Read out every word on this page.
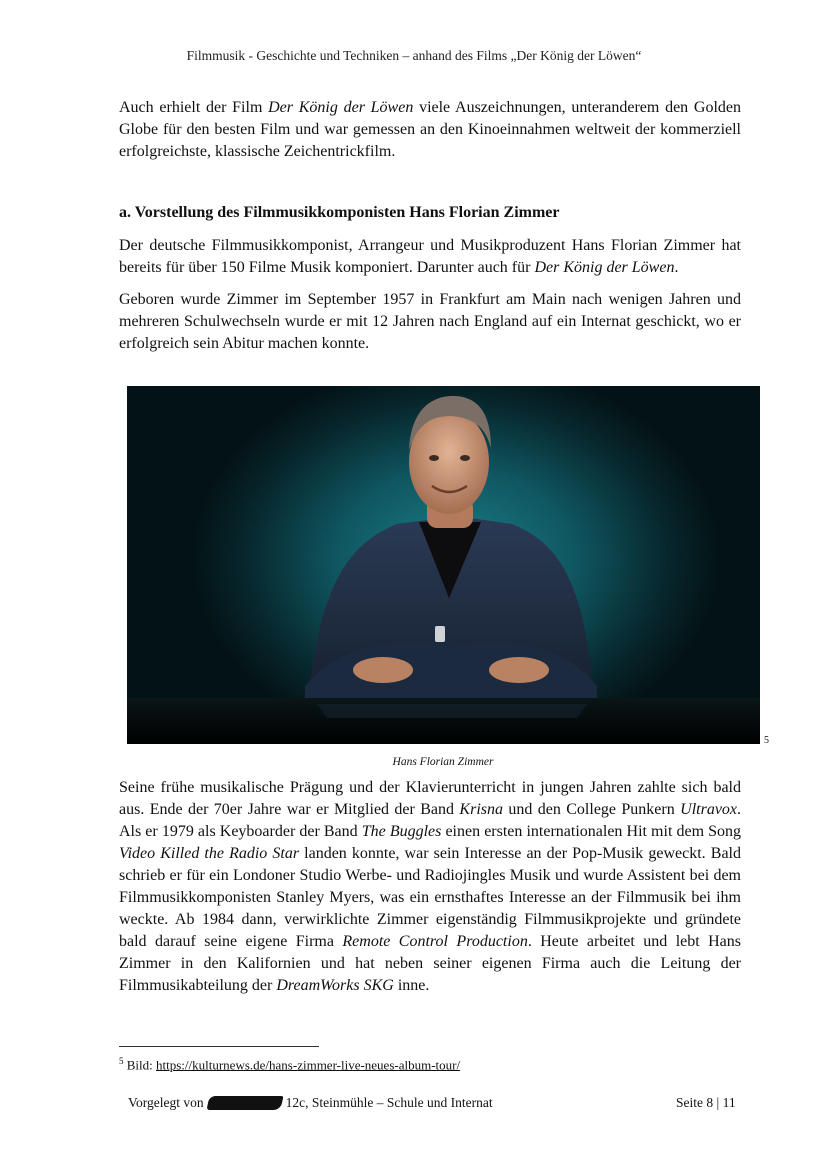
Filmmusik - Geschichte und Techniken – anhand des Films „Der König der Löwen“

Auch erhielt der Film Der König der Löwen viele Auszeichnungen, unteranderem den Golden Globe für den besten Film und war gemessen an den Kinoeinnahmen weltweit der kommerziell erfolgreichste, klassische Zeichentrickfilm.

a. Vorstellung des Filmmusikkomponisten Hans Florian Zimmer

Der deutsche Filmmusikkomponist, Arrangeur und Musikproduzent Hans Florian Zimmer hat bereits für über 150 Filme Musik komponiert. Darunter auch für Der König der Löwen.

Geboren wurde Zimmer im September 1957 in Frankfurt am Main nach wenigen Jahren und mehreren Schulwechseln wurde er mit 12 Jahren nach England auf ein Internat geschickt, wo er erfolgreich sein Abitur machen konnte.

5
Hans Florian Zimmer

Seine frühe musikalische Prägung und der Klavierunterricht in jungen Jahren zahlte sich bald aus. Ende der 70er Jahre war er Mitglied der Band Krisna und den College Punkern Ultravox. Als er 1979 als Keyboarder der Band The Buggles einen ersten internationalen Hit mit dem Song Video Killed the Radio Star landen konnte, war sein Interesse an der Pop-Musik geweckt. Bald schrieb er für ein Londoner Studio Werbe- und Radiojingles Musik und wurde Assistent bei dem Filmmusikkomponisten Stanley Myers, was ein ernsthaftes Interesse an der Filmmusik bei ihm weckte. Ab 1984 dann, verwirklichte Zimmer eigenständig Filmmusikprojekte und gründete bald darauf seine eigene Firma Remote Control Production. Heute arbeitet und lebt Hans Zimmer in den Kalifornien und hat neben seiner eigenen Firma auch die Leitung der Filmmusikabteilung der DreamWorks SKG inne.

$^5$ Bild: https://kulturnews.de/hans-zimmer-live-neues-album-tour/
Vorgelegt von	12c, Steinmühle – Schule und Internat	Seite 8 | 11
